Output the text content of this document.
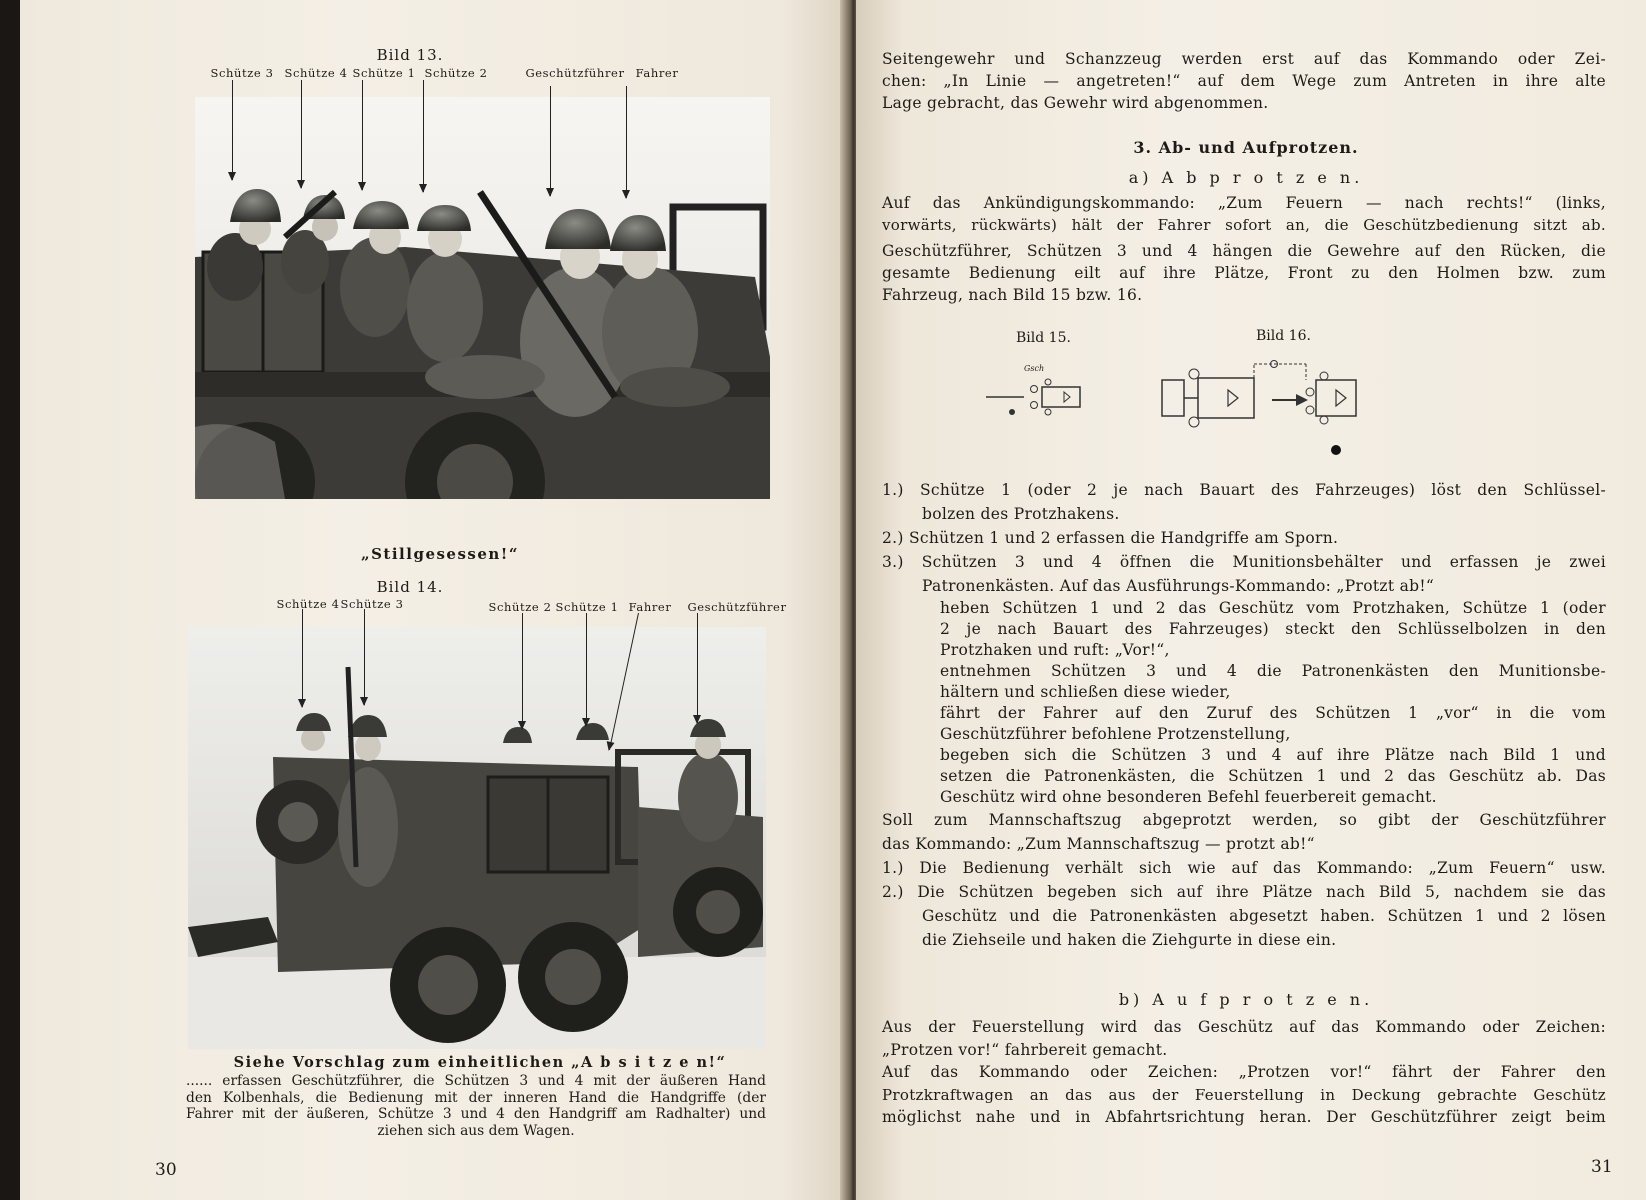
Bild 13.
Schütze 3 Schütze 4 Schütze 1 Schütze 2	Geschützführer Fahrer
„Stillgesessen!“
Bild 14.
Schütze 4 Schütze 3	Schütze 2 Schütze 1 Fahrer Geschützführer
Siehe Vorschlag zum einheitlichen „A b s i t z e n!“
...... erfassen Geschützführer, die Schützen 3 und 4 mit der äußeren Hand
den Kolbenhals, die Bedienung mit der inneren Hand die Handgriffe (der
Fahrer mit der äußeren, Schütze 3 und 4 den Handgriff am Radhalter) und
ziehen sich aus dem Wagen.
30
Seitengewehr und Schanzzeug werden erst auf das Kommando oder Zei-
chen: „In Linie — angetreten!“ auf dem Wege zum Antreten in ihre alte
Lage gebracht, das Gewehr wird abgenommen.
3. Ab- und Aufprotzen.
a) A b p r o t z e n.
Auf das Ankündigungskommando: „Zum Feuern — nach rechts!“ (links,
vorwärts, rückwärts) hält der Fahrer sofort an, die Geschützbedienung sitzt ab.
Geschützführer, Schützen 3 und 4 hängen die Gewehre auf den Rücken, die
gesamte Bedienung eilt auf ihre Plätze, Front zu den Holmen bzw. zum
Fahrzeug, nach Bild 15 bzw. 16.
Bild 15.
Gsch
Bild 16.
1.) Schütze 1 (oder 2 je nach Bauart des Fahrzeuges) löst den Schlüssel-
bolzen des Protzhakens.
2.) Schützen 1 und 2 erfassen die Handgriffe am Sporn.
3.) Schützen 3 und 4 öffnen die Munitionsbehälter und erfassen je zwei
Patronenkästen. Auf das Ausführungs-Kommando: „Protzt ab!“
heben Schützen 1 und 2 das Geschütz vom Protzhaken, Schütze 1 (oder
2 je nach Bauart des Fahrzeuges) steckt den Schlüsselbolzen in den
Protzhaken und ruft: „Vor!“,
entnehmen Schützen 3 und 4 die Patronenkästen den Munitionsbe-
hältern und schließen diese wieder,
fährt der Fahrer auf den Zuruf des Schützen 1 „vor“ in die vom
Geschützführer befohlene Protzenstellung,
begeben sich die Schützen 3 und 4 auf ihre Plätze nach Bild 1 und
setzen die Patronenkästen, die Schützen 1 und 2 das Geschütz ab. Das
Geschütz wird ohne besonderen Befehl feuerbereit gemacht.
Soll zum Mannschaftszug abgeprotzt werden, so gibt der Geschützführer
das Kommando: „Zum Mannschaftszug — protzt ab!“
1.) Die Bedienung verhält sich wie auf das Kommando: „Zum Feuern“ usw.
2.) Die Schützen begeben sich auf ihre Plätze nach Bild 5, nachdem sie das
Geschütz und die Patronenkästen abgesetzt haben. Schützen 1 und 2 lösen
die Ziehseile und haken die Ziehgurte in diese ein.
b) A u f p r o t z e n.
Aus der Feuerstellung wird das Geschütz auf das Kommando oder Zeichen:
„Protzen vor!“ fahrbereit gemacht.
Auf das Kommando oder Zeichen: „Protzen vor!“ fährt der Fahrer den
Protzkraftwagen an das aus der Feuerstellung in Deckung gebrachte Geschütz
möglichst nahe und in Abfahrtsrichtung heran. Der Geschützführer zeigt beim
31
